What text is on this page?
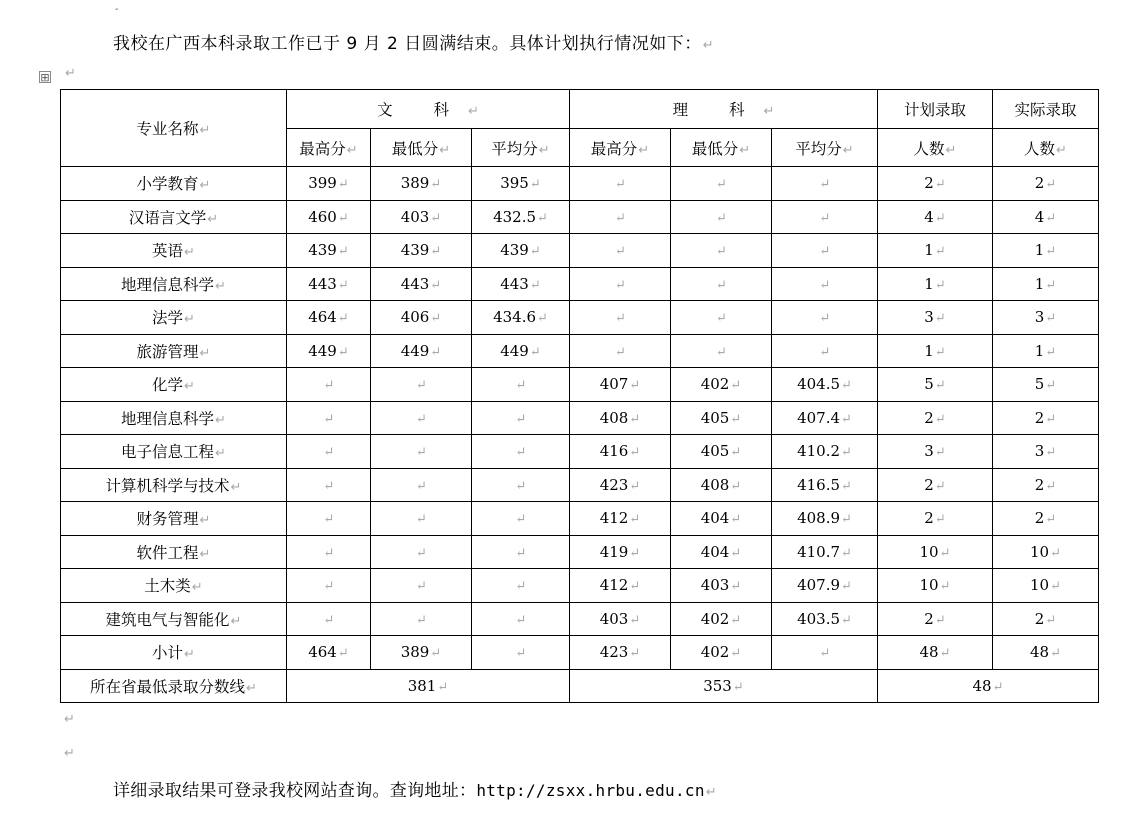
-
我校在广西本科录取工作已于 9 月 2 日圆满结束。具体计划执行情况如下：↵
⊞ ↵
专业名称↵	文 科↵			理 科↵			计划录取	实际录取
	最高分↵	最低分↵	平均分↵	最高分↵	最低分↵	平均分↵	人数↵	人数↵
小学教育↵	399↵	389↵	395↵	↵	↵	↵	2↵	2↵
汉语言文学↵	460↵	403↵	432.5↵	↵	↵	↵	4↵	4↵
英语↵	439↵	439↵	439↵	↵	↵	↵	1↵	1↵
地理信息科学↵	443↵	443↵	443↵	↵	↵	↵	1↵	1↵
法学↵	464↵	406↵	434.6↵	↵	↵	↵	3↵	3↵
旅游管理↵	449↵	449↵	449↵	↵	↵	↵	1↵	1↵
化学↵	↵	↵	↵	407↵	402↵	404.5↵	5↵	5↵
地理信息科学↵	↵	↵	↵	408↵	405↵	407.4↵	2↵	2↵
电子信息工程↵	↵	↵	↵	416↵	405↵	410.2↵	3↵	3↵
计算机科学与技术↵	↵	↵	↵	423↵	408↵	416.5↵	2↵	2↵
财务管理↵	↵	↵	↵	412↵	404↵	408.9↵	2↵	2↵
软件工程↵	↵	↵	↵	419↵	404↵	410.7↵	10↵	10↵
土木类↵	↵	↵	↵	412↵	403↵	407.9↵	10↵	10↵
建筑电气与智能化↵	↵	↵	↵	403↵	402↵	403.5↵	2↵	2↵
小计↵	464↵	389↵	↵	423↵	402↵	↵	48↵	48↵
所在省最低录取分数线↵	381↵			353↵			48↵	
↵
↵
详细录取结果可登录我校网站查询。查询地址：http://zsxx.hrbu.edu.cn↵
